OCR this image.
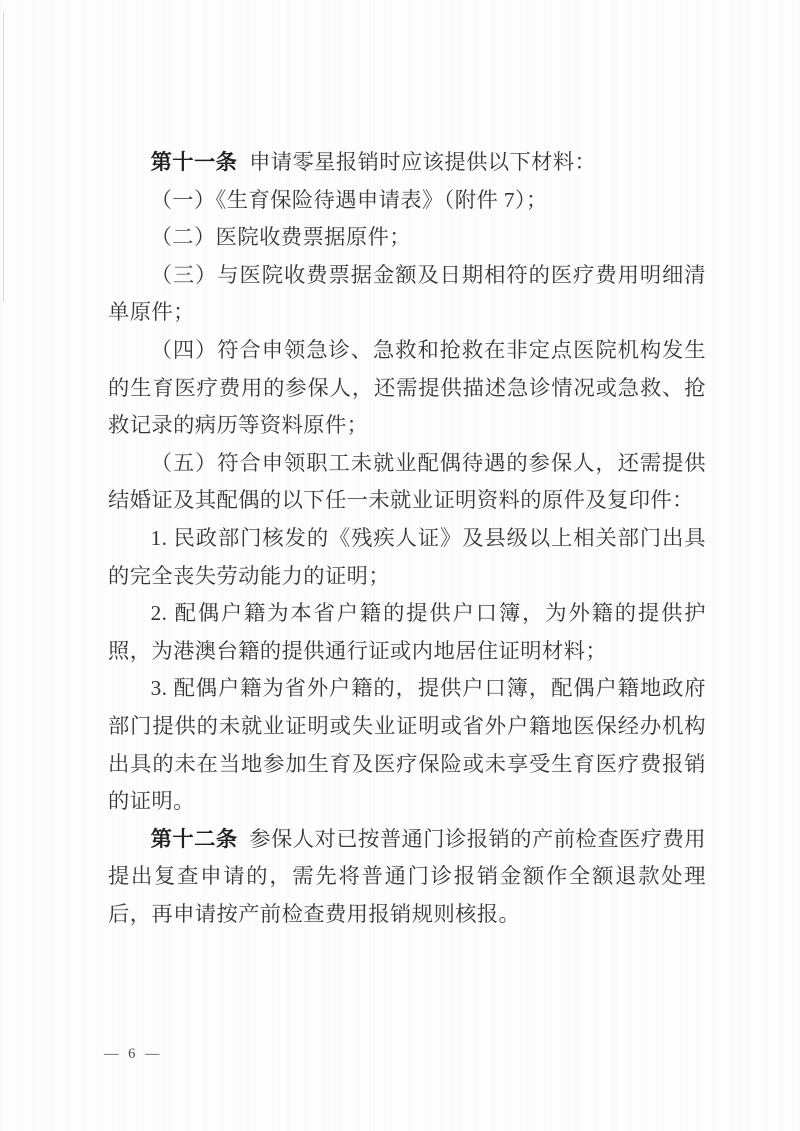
第十一条 申请零星报销时应该提供以下材料：

（一）《生育保险待遇申请表》（附件 7）；

（二）医院收费票据原件；

（三）与医院收费票据金额及日期相符的医疗费用明细清单原件；

（四）符合申领急诊、急救和抢救在非定点医院机构发生的生育医疗费用的参保人，还需提供描述急诊情况或急救、抢救记录的病历等资料原件；

（五）符合申领职工未就业配偶待遇的参保人，还需提供结婚证及其配偶的以下任一未就业证明资料的原件及复印件：

1. 民政部门核发的《残疾人证》及县级以上相关部门出具的完全丧失劳动能力的证明；

2. 配偶户籍为本省户籍的提供户口簿，为外籍的提供护照，为港澳台籍的提供通行证或内地居住证明材料；

3. 配偶户籍为省外户籍的，提供户口簿，配偶户籍地政府部门提供的未就业证明或失业证明或省外户籍地医保经办机构出具的未在当地参加生育及医疗保险或未享受生育医疗费报销的证明。

第十二条 参保人对已按普通门诊报销的产前检查医疗费用提出复查申请的，需先将普通门诊报销金额作全额退款处理后，再申请按产前检查费用报销规则核报。

— 6 —
